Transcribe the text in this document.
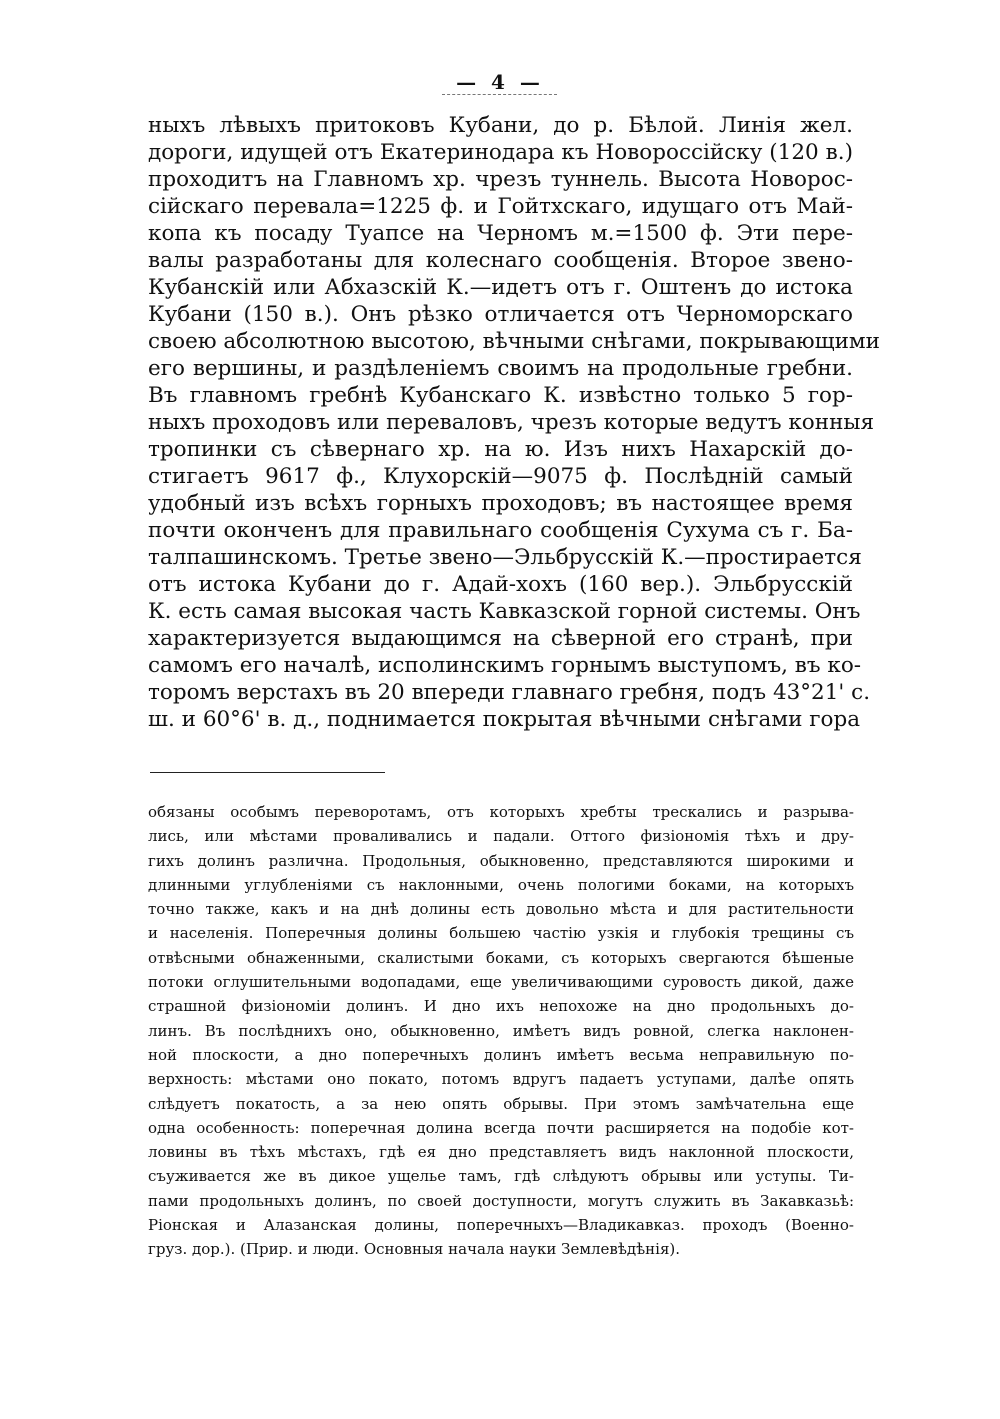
— 4 —
ныхъ лѣвыхъ притоковъ Кубани, до р. Бѣлой. Линія жел.
дороги, идущей отъ Екатеринодара къ Новороссійску (120 в.)
проходитъ на Главномъ хр. чрезъ туннель. Высота Новорос-
сійскаго перевала=1225 ф. и Гойтхскаго, идущаго отъ Май-
копа къ посаду Туапсе на Черномъ м.=1500 ф. Эти пере-
валы разработаны для колеснаго сообщенія. Второе звено-
Кубанскій или Абхазскій К.—идетъ отъ г. Оштенъ до истока
Кубани (150 в.). Онъ рѣзко отличается отъ Черноморскаго
своею абсолютною высотою, вѣчными снѣгами, покрывающими
его вершины, и раздѣленіемъ своимъ на продольные гребни.
Въ главномъ гребнѣ Кубанскаго К. извѣстно только 5 гор-
ныхъ проходовъ или переваловъ, чрезъ которые ведутъ конныя
тропинки съ сѣвернаго хр. на ю. Изъ нихъ Нахарскій до-
стигаетъ 9617 ф., Клухорскій—9075 ф. Послѣдній самый
удобный изъ всѣхъ горныхъ проходовъ; въ настоящее время
почти оконченъ для правильнаго сообщенія Сухума съ г. Ба-
талпашинскомъ. Третье звено—Эльбрусскій К.—простирается
отъ истока Кубани до г. Адай-хохъ (160 вер.). Эльбрусскій
К. есть самая высокая часть Кавказской горной системы. Онъ
характеризуется выдающимся на сѣверной его странѣ, при
самомъ его началѣ, исполинскимъ горнымъ выступомъ, въ ко-
торомъ верстахъ въ 20 впереди главнаго гребня, подъ 43°21' с.
ш. и 60°6' в. д., поднимается покрытая вѣчными снѣгами гора
обязаны особымъ переворотамъ, отъ которыхъ хребты трескались и разрыва-
лись, или мѣстами проваливались и падали. Оттого физіономія тѣхъ и дру-
гихъ долинъ различна. Продольныя, обыкновенно, представляются широкими и
длинными углубленіями съ наклонными, очень пологими боками, на которыхъ
точно также, какъ и на днѣ долины есть довольно мѣста и для растительности
и населенія. Поперечныя долины большею частію узкія и глубокія трещины съ
отвѣсными обнаженными, скалистыми боками, съ которыхъ свергаются бѣшеные
потоки оглушительными водопадами, еще увеличивающими суровость дикой, даже
страшной физіономіи долинъ. И дно ихъ непохоже на дно продольныхъ до-
линъ. Въ послѣднихъ оно, обыкновенно, имѣетъ видъ ровной, слегка наклонен-
ной плоскости, а дно поперечныхъ долинъ имѣетъ весьма неправильную по-
верхность: мѣстами оно покато, потомъ вдругъ падаетъ уступами, далѣе опять
слѣдуетъ покатость, а за нею опять обрывы. При этомъ замѣчательна еще
одна особенность: поперечная долина всегда почти расширяется на подобіе кот-
ловины въ тѣхъ мѣстахъ, гдѣ ея дно представляетъ видъ наклонной плоскости,
съуживается же въ дикое ущелье тамъ, гдѣ слѣдуютъ обрывы или уступы. Ти-
пами продольныхъ долинъ, по своей доступности, могутъ служить въ Закавказьѣ:
Ріонская и Алазанская долины, поперечныхъ—Владикавказ. проходъ (Военно-
груз. дор.). (Прир. и люди. Основныя начала науки Землевѣдѣнія).
